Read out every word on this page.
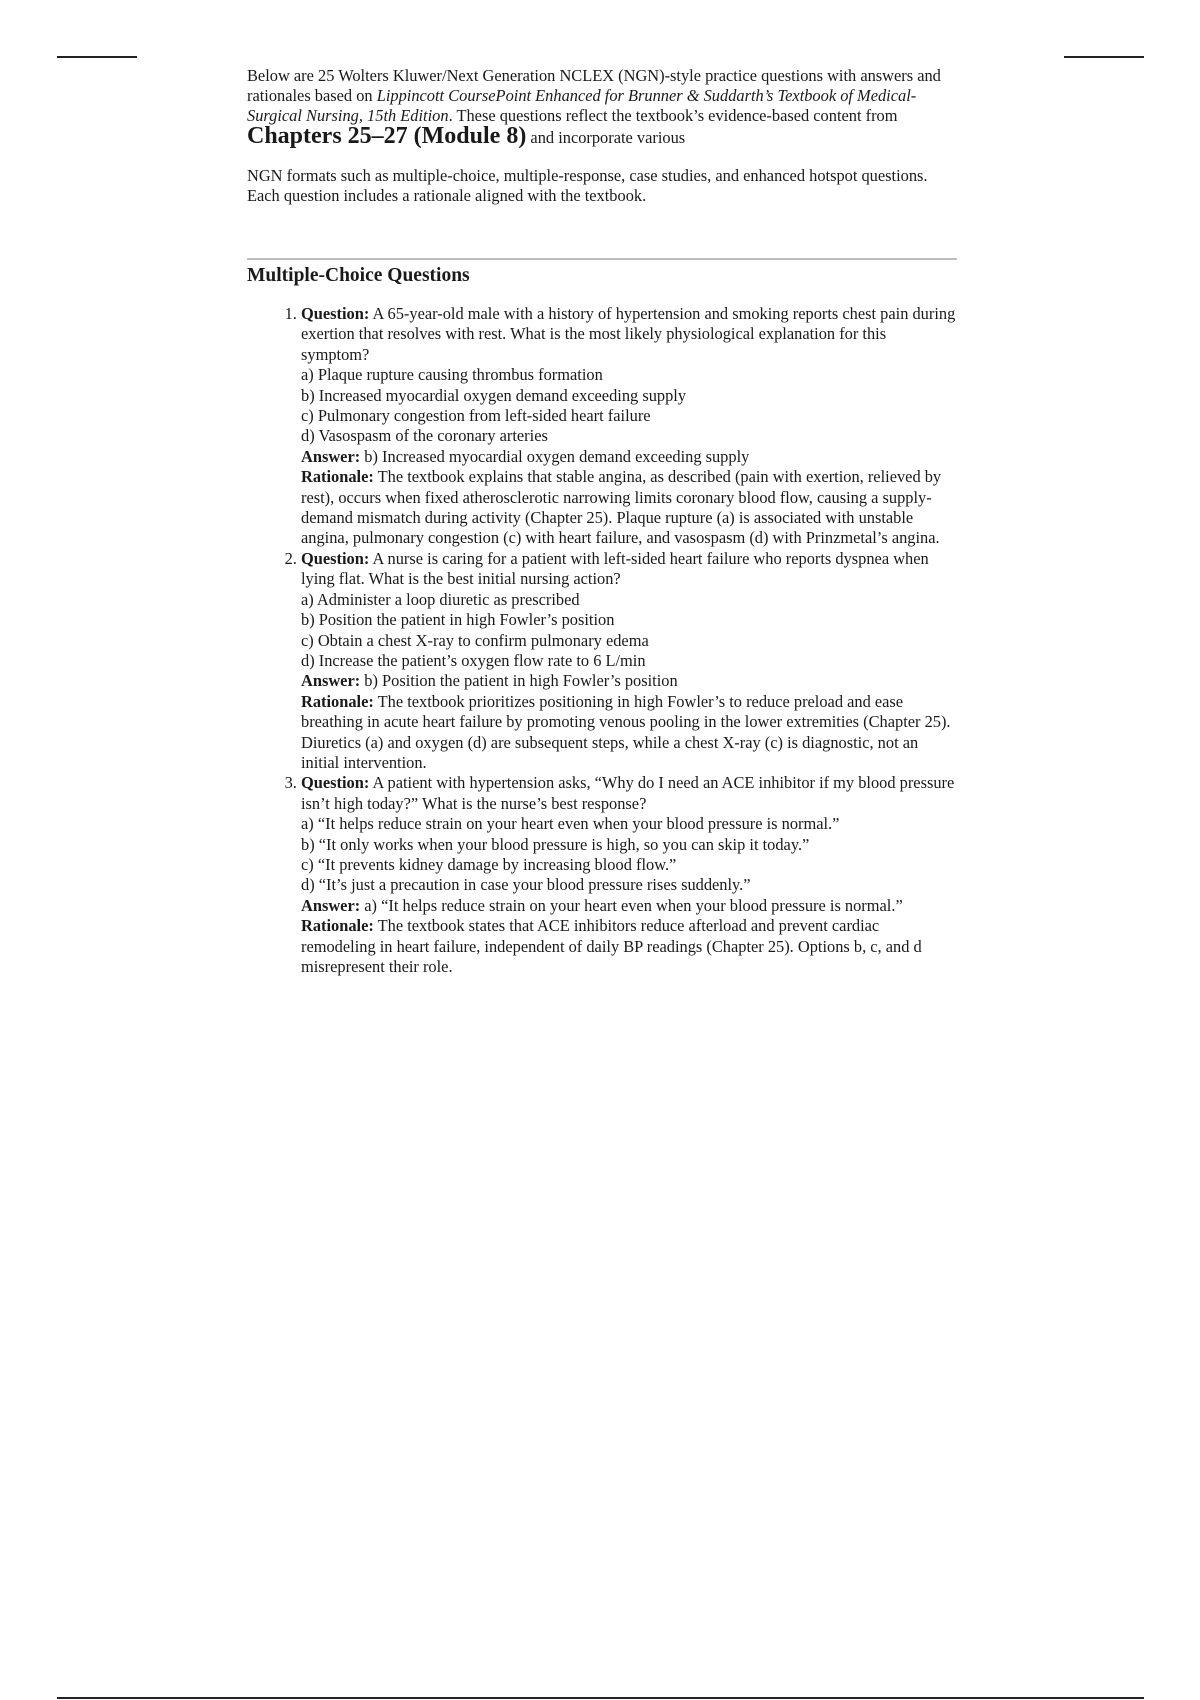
Below are 25 Wolters Kluwer/Next Generation NCLEX (NGN)-style practice questions with answers and rationales based on Lippincott CoursePoint Enhanced for Brunner & Suddarth’s Textbook of Medical-Surgical Nursing, 15th Edition. These questions reflect the textbook’s evidence-based content from Chapters 25–27 (Module 8) and incorporate various

NGN formats such as multiple-choice, multiple-response, case studies, and enhanced hotspot questions. Each question includes a rationale aligned with the textbook.

Multiple-Choice Questions
1. Question: A 65-year-old male with a history of hypertension and smoking reports chest pain during exertion that resolves with rest. What is the most likely physiological explanation for this symptom?
a) Plaque rupture causing thrombus formation
b) Increased myocardial oxygen demand exceeding supply
c) Pulmonary congestion from left-sided heart failure
d) Vasospasm of the coronary arteries
Answer: b) Increased myocardial oxygen demand exceeding supply
Rationale: The textbook explains that stable angina, as described (pain with exertion, relieved by rest), occurs when fixed atherosclerotic narrowing limits coronary blood flow, causing a supply-demand mismatch during activity (Chapter 25). Plaque rupture (a) is associated with unstable angina, pulmonary congestion (c) with heart failure, and vasospasm (d) with Prinzmetal’s angina.
2. Question: A nurse is caring for a patient with left-sided heart failure who reports dyspnea when lying flat. What is the best initial nursing action?
a) Administer a loop diuretic as prescribed
b) Position the patient in high Fowler’s position
c) Obtain a chest X-ray to confirm pulmonary edema
d) Increase the patient’s oxygen flow rate to 6 L/min
Answer: b) Position the patient in high Fowler’s position
Rationale: The textbook prioritizes positioning in high Fowler’s to reduce preload and ease breathing in acute heart failure by promoting venous pooling in the lower extremities (Chapter 25). Diuretics (a) and oxygen (d) are subsequent steps, while a chest X-ray (c) is diagnostic, not an initial intervention.
3. Question: A patient with hypertension asks, “Why do I need an ACE inhibitor if my blood pressure isn’t high today?” What is the nurse’s best response?
a) “It helps reduce strain on your heart even when your blood pressure is normal.”
b) “It only works when your blood pressure is high, so you can skip it today.”
c) “It prevents kidney damage by increasing blood flow.”
d) “It’s just a precaution in case your blood pressure rises suddenly.”
Answer: a) “It helps reduce strain on your heart even when your blood pressure is normal.”
Rationale: The textbook states that ACE inhibitors reduce afterload and prevent cardiac remodeling in heart failure, independent of daily BP readings (Chapter 25). Options b, c, and d misrepresent their role.
